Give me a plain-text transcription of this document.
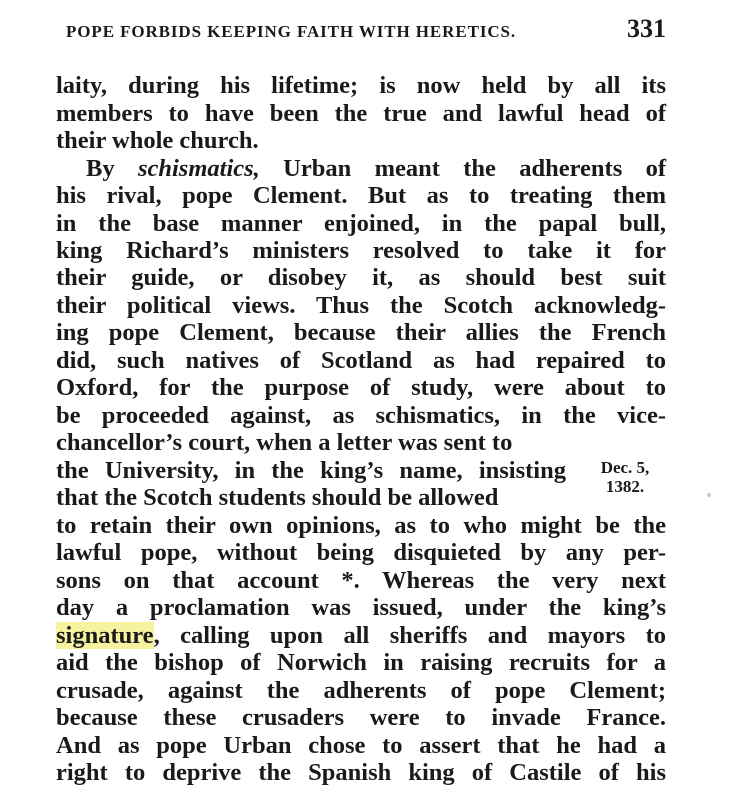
POPE FORBIDS KEEPING FAITH WITH HERETICS.	331
laity, during his lifetime; is now held by all its
members to have been the true and lawful head of
their whole church.
By schismatics, Urban meant the adherents of
his rival, pope Clement. But as to treating them
in the base manner enjoined, in the papal bull,
king Richard’s ministers resolved to take it for
their guide, or disobey it, as should best suit
their political views. Thus the Scotch acknowledg-
ing pope Clement, because their allies the French
did, such natives of Scotland as had repaired to
Oxford, for the purpose of study, were about to
be proceeded against, as schismatics, in the vice-
chancellor’s court, when a letter was sent to
the University, in the king’s name, insisting
that the Scotch students should be allowed
Dec. 5,
1382.
to retain their own opinions, as to who might be the
lawful pope, without being disquieted by any per-
sons on that account *. Whereas the very next
day a proclamation was issued, under the king’s
signature, calling upon all sheriffs and mayors to
aid the bishop of Norwich in raising recruits for a
crusade, against the adherents of pope Clement;
because these crusaders were to invade France.
And as pope Urban chose to assert that he had a
right to deprive the Spanish king of Castile of his
